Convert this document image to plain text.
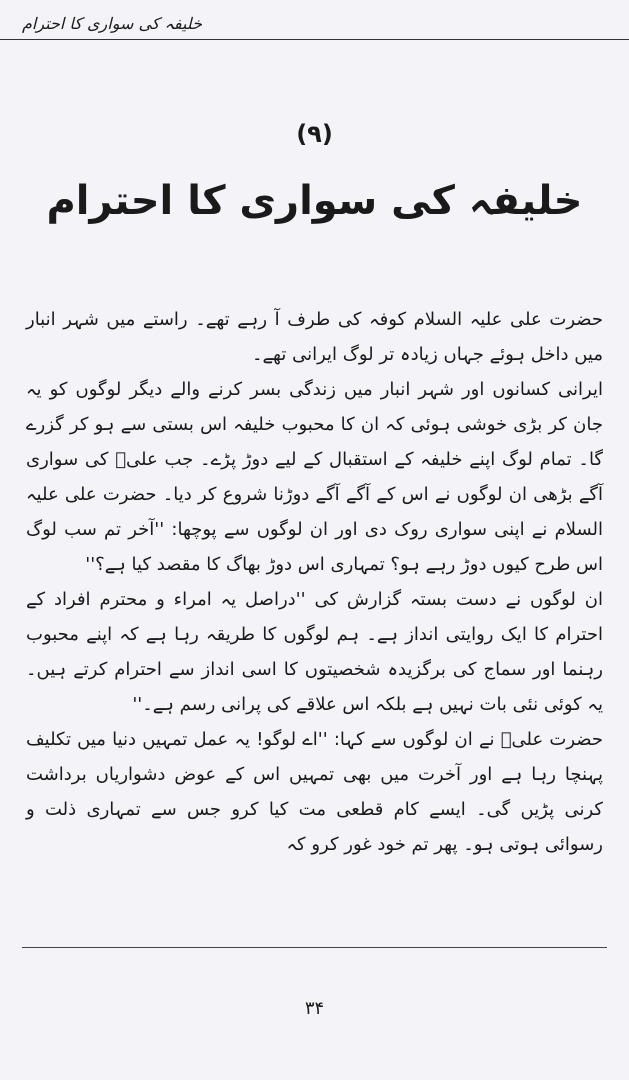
خلیفہ کی سواری کا احترام
(۹)
خلیفہ کی سواری کا احترام

حضرت علی علیہ السلام کوفہ کی طرف آ رہے تھے۔ راستے میں شہر انبار میں داخل ہوئے جہاں زیادہ تر لوگ ایرانی تھے۔

ایرانی کسانوں اور شہر انبار میں زندگی بسر کرنے والے دیگر لوگوں کو یہ جان کر بڑی خوشی ہوئی کہ ان کا محبوب خلیفہ اس بستی سے ہو کر گزرے گا۔ تمام لوگ اپنے خلیفہ کے استقبال کے لیے دوڑ پڑے۔ جب علیؑ کی سواری آگے بڑھی ان لوگوں نے اس کے آگے آگے دوڑنا شروع کر دیا۔ حضرت علی علیہ السلام نے اپنی سواری روک دی اور ان لوگوں سے پوچھا: ''آخر تم سب لوگ اس طرح کیوں دوڑ رہے ہو؟ تمہاری اس دوڑ بھاگ کا مقصد کیا ہے؟''

ان لوگوں نے دست بستہ گزارش کی ''دراصل یہ امراء و محترم افراد کے احترام کا ایک روایتی انداز ہے۔ ہم لوگوں کا طریقہ رہا ہے کہ اپنے محبوب رہنما اور سماج کی برگزیدہ شخصیتوں کا اسی انداز سے احترام کرتے ہیں۔ یہ کوئی نئی بات نہیں ہے بلکہ اس علاقے کی پرانی رسم ہے۔''

حضرت علیؑ نے ان لوگوں سے کہا: ''اے لوگو! یہ عمل تمہیں دنیا میں تکلیف پہنچا رہا ہے اور آخرت میں بھی تمہیں اس کے عوض دشواریاں برداشت کرنی پڑیں گی۔ ایسے کام قطعی مت کیا کرو جس سے تمہاری ذلت و رسوائی ہوتی ہو۔ پھر تم خود غور کرو کہ

۳۴
